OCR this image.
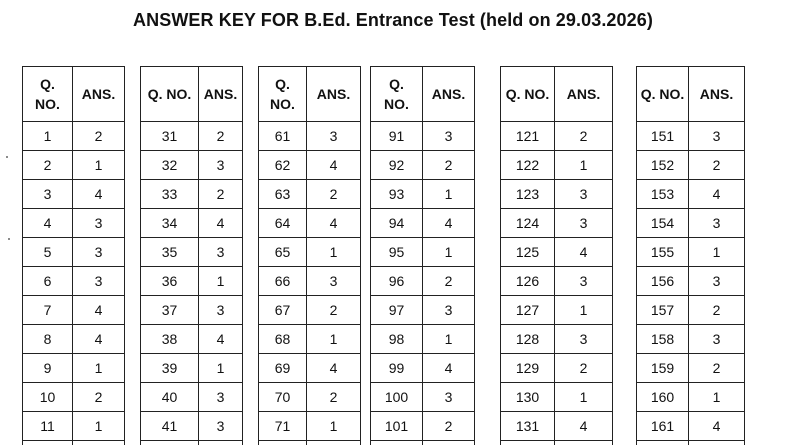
ANSWER KEY FOR B.Ed. Entrance Test (held on 29.03.2026)
Q.
NO.	ANS.
1	2
2	1
3	4
4	3
5	3
6	3
7	4
8	4
9	1
10	2
11	1

Q. NO.	ANS.
31	2
32	3
33	2
34	4
35	3
36	1
37	3
38	4
39	1
40	3
41	3

Q.
NO.	ANS.
61	3
62	4
63	2
64	4
65	1
66	3
67	2
68	1
69	4
70	2
71	1

Q.
NO.	ANS.
91	3
92	2
93	1
94	4
95	1
96	2
97	3
98	1
99	4
100	3
101	2

Q. NO.	ANS.
121	2
122	1
123	3
124	3
125	4
126	3
127	1
128	3
129	2
130	1
131	4

Q. NO.	ANS.
151	3
152	2
153	4
154	3
155	1
156	3
157	2
158	3
159	2
160	1
161	4
